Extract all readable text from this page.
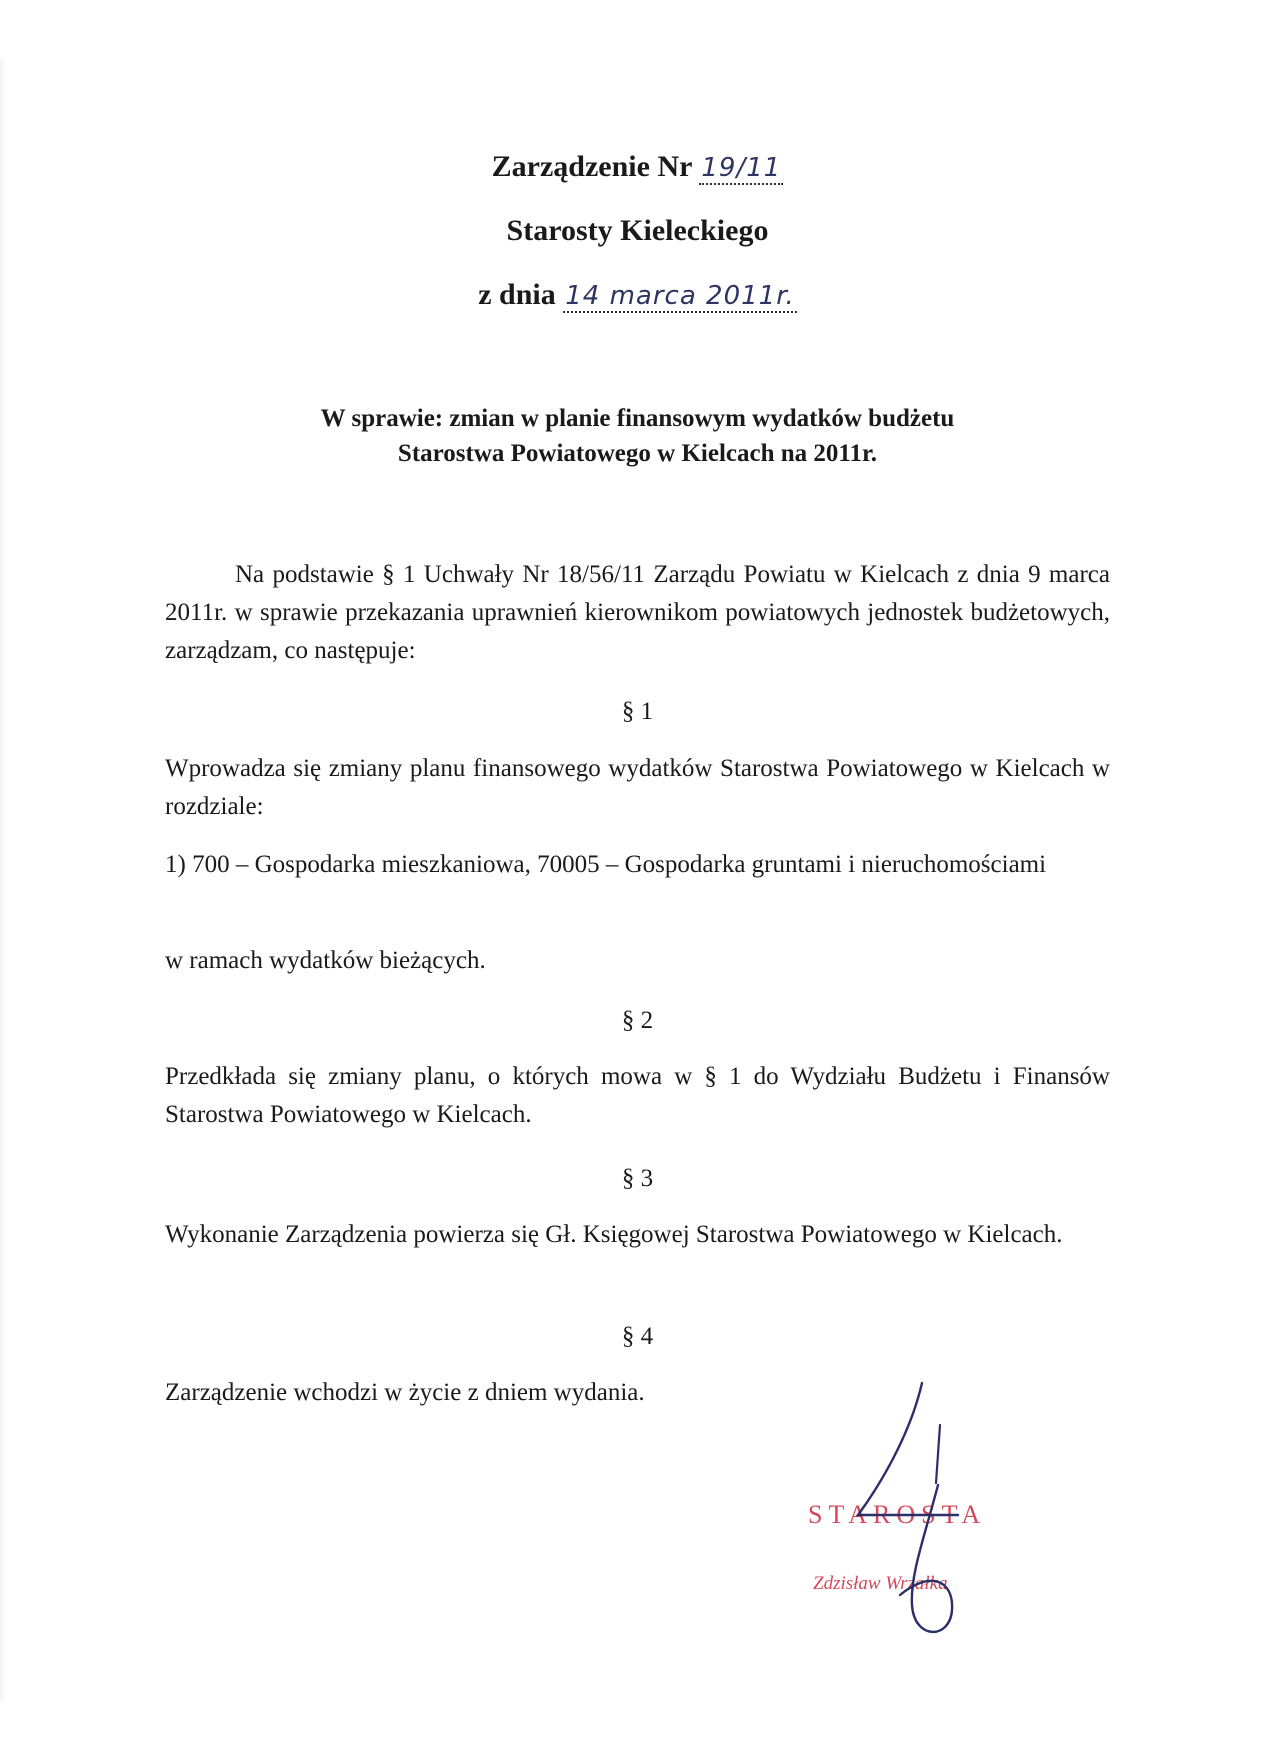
Zarządzenie Nr 19/11
Starosty Kieleckiego
z dnia 14 marca 2011r.
W sprawie: zmian w planie finansowym wydatków budżetu
Starostwa Powiatowego w Kielcach na 2011r.
Na podstawie § 1 Uchwały Nr 18/56/11 Zarządu Powiatu w Kielcach z dnia 9 marca 2011r. w sprawie przekazania uprawnień kierownikom powiatowych jednostek budżetowych, zarządzam, co następuje:
§ 1
Wprowadza się zmiany planu finansowego wydatków Starostwa Powiatowego w Kielcach w rozdziale:
1) 700 – Gospodarka mieszkaniowa, 70005 – Gospodarka gruntami i nieruchomościami
w ramach wydatków bieżących.
§ 2
Przedkłada się zmiany planu, o których mowa w § 1 do Wydziału Budżetu i Finansów Starostwa Powiatowego w Kielcach.
§ 3
Wykonanie Zarządzenia powierza się Gł. Księgowej Starostwa Powiatowego w Kielcach.
§ 4
Zarządzenie wchodzi w życie z dniem wydania.
STAROSTA
Zdzisław Wrzałka
